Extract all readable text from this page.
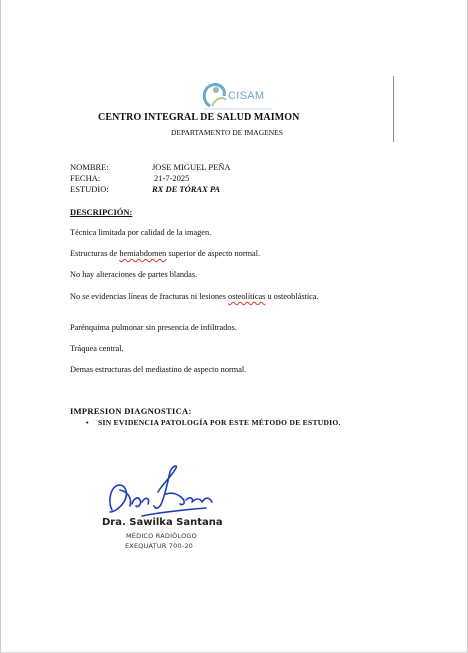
CISAM
CENTRO INTEGRAL DE SALUD MAIMON
DEPARTAMENTO DE IMAGENES
NOMBRE:	JOSE MIGUEL PEÑA
FECHA:	21-7-2025
ESTUDIO:	RX DE TÓRAX PA
DESCRIPCIÓN:
Técnica limitada por calidad de la imagen.
Estructuras de hemiabdomen superior de aspecto normal.
No hay alteraciones de partes blandas.
No se evidencias líneas de fracturas ni lesiones osteolíticas u osteoblástica.
Parénquima pulmonar sin presencia de infiltrados.
Tráquea central.
Demas estructuras del mediastino de aspecto normal.
IMPRESION DIAGNOSTICA:
• SIN EVIDENCIA PATOLOGÍA POR ESTE MÉTODO DE ESTUDIO.
Dra. Sawilka Santana
MÉDICO RADIÓLOGO
EXEQUATUR 700-20
